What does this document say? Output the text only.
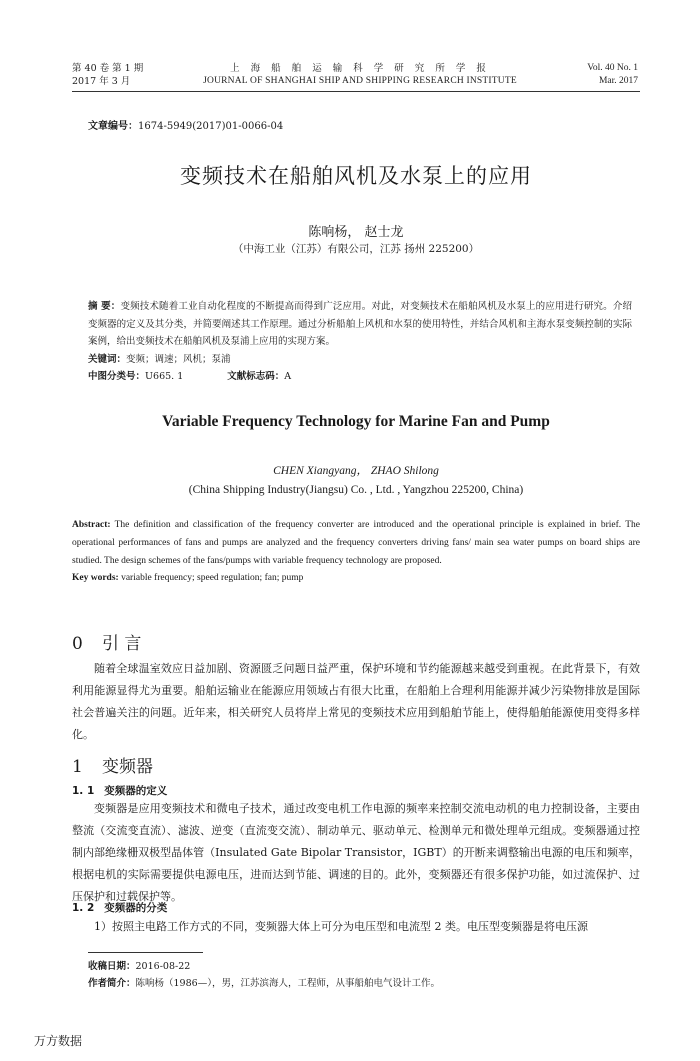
第 40 卷 第 1 期
2017 年 3 月
上 海 船 舶 运 输 科 学 研 究 所 学 报
JOURNAL OF SHANGHAI SHIP AND SHIPPING RESEARCH INSTITUTE
Vol. 40 No. 1
Mar. 2017
文章编号：1674-5949(2017)01-0066-04
变频技术在船舶风机及水泵上的应用
陈响杨， 赵士龙
（中海工业（江苏）有限公司，江苏 扬州 225200）
摘 要：变频技术随着工业自动化程度的不断提高而得到广泛应用。对此，对变频技术在船舶风机及水泵上的应用进行研究。介绍变频器的定义及其分类，并简要阐述其工作原理。通过分析船舶上风机和水泵的使用特性，并结合风机和主海水泵变频控制的实际案例，给出变频技术在船舶风机及泵浦上应用的实现方案。
关键词：变频；调速；风机；泵浦
中图分类号：U665. 1	文献标志码：A
Variable Frequency Technology for Marine Fan and Pump
CHEN Xiangyang， ZHAO Shilong
(China Shipping Industry(Jiangsu) Co. , Ltd. , Yangzhou 225200, China)
Abstract: The definition and classification of the frequency converter are introduced and the operational principle is explained in brief. The operational performances of fans and pumps are analyzed and the frequency converters driving fans/ main sea water pumps on board ships are studied. The design schemes of the fans/pumps with variable frequency technology are proposed.
Key words: variable frequency; speed regulation; fan; pump
0 引 言

随着全球温室效应日益加剧、资源匮乏问题日益严重，保护环境和节约能源越来越受到重视。在此背景下，有效利用能源显得尤为重要。船舶运输业在能源应用领域占有很大比重，在船舶上合理利用能源并减少污染物排放是国际社会普遍关注的问题。近年来，相关研究人员将岸上常见的变频技术应用到船舶节能上，使得船舶能源使用变得多样化。

1 变频器
1. 1 变频器的定义

变频器是应用变频技术和微电子技术，通过改变电机工作电源的频率来控制交流电动机的电力控制设备，主要由整流（交流变直流）、滤波、逆变（直流变交流）、制动单元、驱动单元、检测单元和微处理单元组成。变频器通过控制内部绝缘栅双极型晶体管（Insulated Gate Bipolar Transistor，IGBT）的开断来调整输出电源的电压和频率，根据电机的实际需要提供电源电压，进而达到节能、调速的目的。此外，变频器还有很多保护功能，如过流保护、过压保护和过载保护等。

1. 2 变频器的分类

1）按照主电路工作方式的不同，变频器大体上可分为电压型和电流型 2 类。电压型变频器是将电压源

收稿日期：2016-08-22
作者简介：陈响杨（1986—），男，江苏滨海人，工程师，从事船舶电气设计工作。
万方数据
